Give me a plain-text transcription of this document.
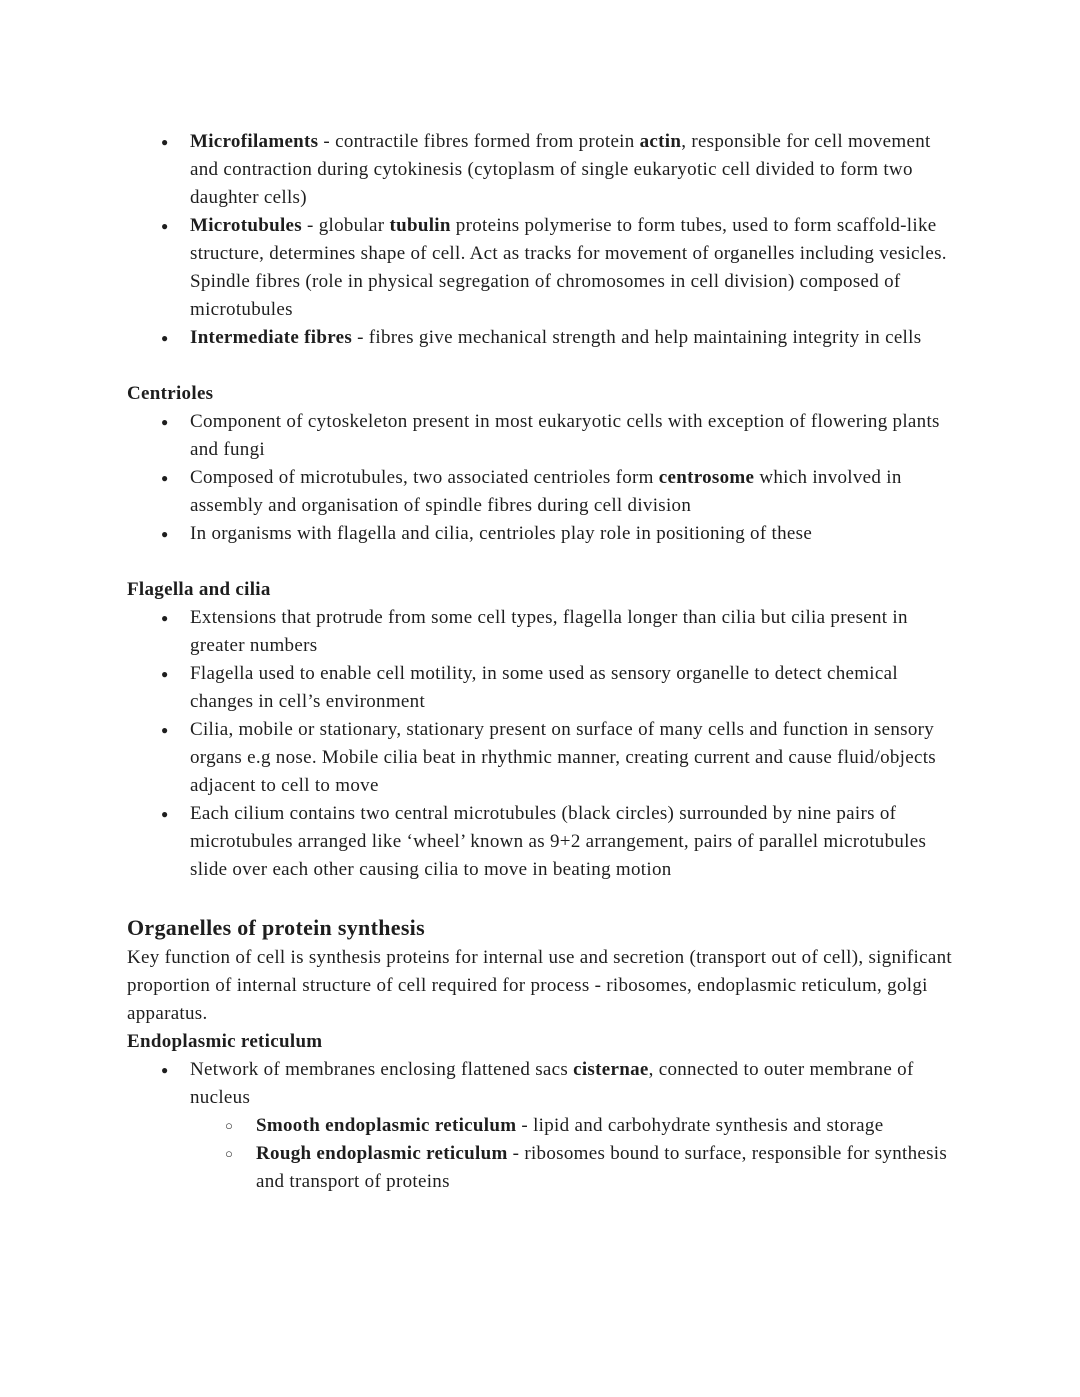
●	Microfilaments - contractile fibres formed from protein actin, responsible for cell movement and contraction during cytokinesis (cytoplasm of single eukaryotic cell divided to form two daughter cells)
●	Microtubules - globular tubulin proteins polymerise to form tubes, used to form scaffold-like structure, determines shape of cell. Act as tracks for movement of organelles including vesicles. Spindle fibres (role in physical segregation of chromosomes in cell division) composed of microtubules
●	Intermediate fibres - fibres give mechanical strength and help maintaining integrity in cells
Centrioles
●	Component of cytoskeleton present in most eukaryotic cells with exception of flowering plants and fungi
●	Composed of microtubules, two associated centrioles form centrosome which involved in assembly and organisation of spindle fibres during cell division
●	In organisms with flagella and cilia, centrioles play role in positioning of these
Flagella and cilia
●	Extensions that protrude from some cell types, flagella longer than cilia but cilia present in greater numbers
●	Flagella used to enable cell motility, in some used as sensory organelle to detect chemical changes in cell’s environment
●	Cilia, mobile or stationary, stationary present on surface of many cells and function in sensory organs e.g nose. Mobile cilia beat in rhythmic manner, creating current and cause fluid/objects adjacent to cell to move
●	Each cilium contains two central microtubules (black circles) surrounded by nine pairs of microtubules arranged like ‘wheel’ known as 9+2 arrangement, pairs of parallel microtubules slide over each other causing cilia to move in beating motion
Organelles of protein synthesis
Key function of cell is synthesis proteins for internal use and secretion (transport out of cell), significant proportion of internal structure of cell required for process - ribosomes, endoplasmic reticulum, golgi apparatus.
Endoplasmic reticulum
●	Network of membranes enclosing flattened sacs cisternae, connected to outer membrane of nucleus
○	Smooth endoplasmic reticulum - lipid and carbohydrate synthesis and storage
○	Rough endoplasmic reticulum - ribosomes bound to surface, responsible for synthesis and transport of proteins
